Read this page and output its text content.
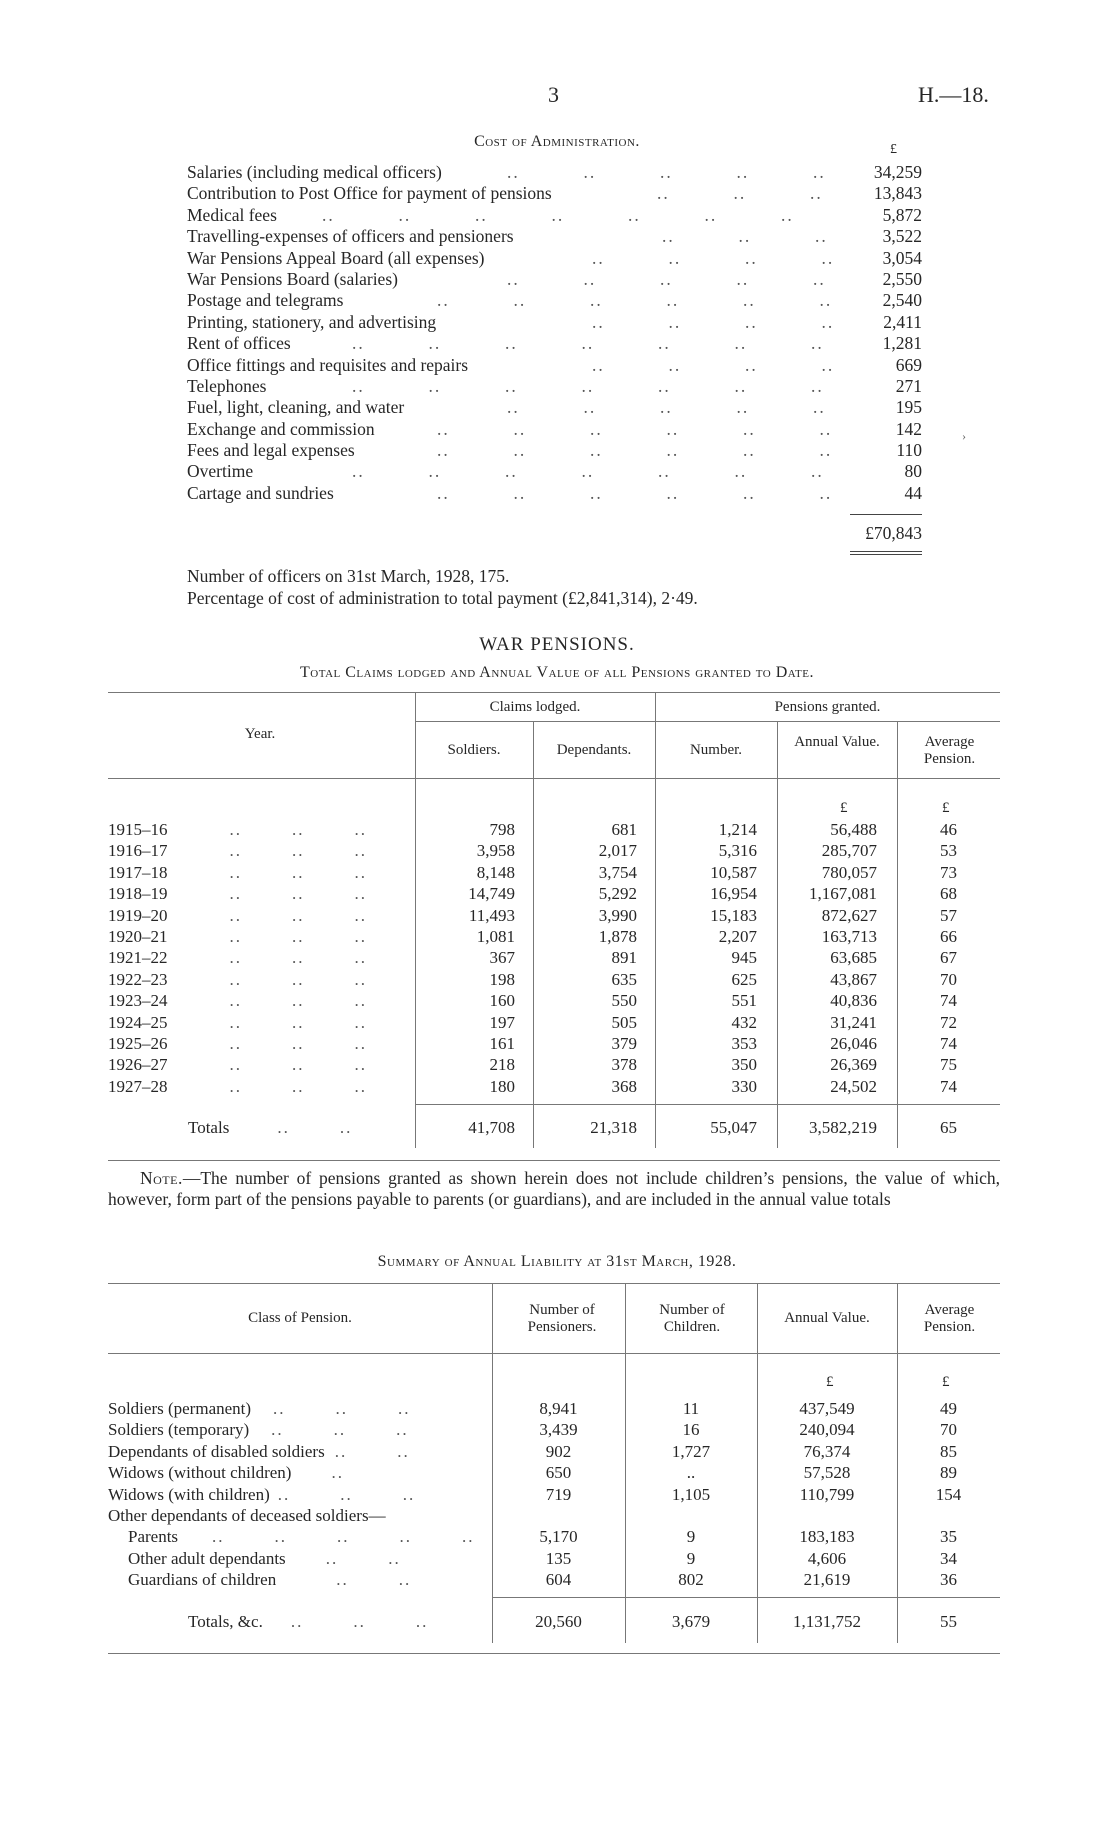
3	H.—18.
Cost of Administration.	£
Salaries (including medical officers)	..          ..          ..          ..          ..	34,259
Contribution to Post Office for payment of pensions	..          ..          ..	13,843
Medical fees	..          ..          ..          ..          ..          ..          ..	5,872
Travelling-expenses of officers and pensioners	..          ..          ..	3,522
War Pensions Appeal Board (all expenses)	..          ..          ..          ..	3,054
War Pensions Board (salaries)	..          ..          ..          ..          ..	2,550
Postage and telegrams	..          ..          ..          ..          ..          ..	2,540
Printing, stationery, and advertising	..          ..          ..          ..	2,411
Rent of offices	..          ..          ..          ..          ..          ..          ..	1,281
Office fittings and requisites and repairs	..          ..          ..          ..	669
Telephones	..          ..          ..          ..          ..          ..          ..	271
Fuel, light, cleaning, and water	..          ..          ..          ..          ..	195
Exchange and commission	..          ..          ..          ..          ..          ..	142
Fees and legal expenses	..          ..          ..          ..          ..          ..	110
Overtime	..          ..          ..          ..          ..          ..          ..	80
Cartage and sundries	..          ..          ..          ..          ..          ..	44
£70,843
›
Number of officers on 31st March, 1928, 175.
Percentage of cost of administration to total payment (£2,841,314), 2·49.
WAR PENSIONS.
Total Claims lodged and Annual Value of all Pensions granted to Date.
Year.
Claims lodged.	Pensions granted.
Soldiers.	Dependants.	Number.	Annual Value.	Average Pension.
£	£
1915–16 ..        ..        ..	798	681	1,214	56,488	46
1916–17 ..        ..        ..	3,958	2,017	5,316	285,707	53
1917–18 ..        ..        ..	8,148	3,754	10,587	780,057	73
1918–19 ..        ..        ..	14,749	5,292	16,954	1,167,081	68
1919–20 ..        ..        ..	11,493	3,990	15,183	872,627	57
1920–21 ..        ..        ..	1,081	1,878	2,207	163,713	66
1921–22 ..        ..        ..	367	891	945	63,685	67
1922–23 ..        ..        ..	198	635	625	43,867	70
1923–24 ..        ..        ..	160	550	551	40,836	74
1924–25 ..        ..        ..	197	505	432	31,241	72
1925–26 ..        ..        ..	161	379	353	26,046	74
1926–27 ..        ..        ..	218	378	350	26,369	75
1927–28 ..        ..        ..	180	368	330	24,502	74
Totals	..        ..	41,708	21,318	55,047	3,582,219	65
Note.—The number of pensions granted as shown herein does not include children’s pensions, the value of which, however, form part of the pensions payable to parents (or guardians), and are included in the annual value totals
Summary of Annual Liability at 31st March, 1928.
Class of Pension.	Number of Pensioners.
Number of Children.
Annual Value.	Average Pension.
£	£
Soldiers (permanent) ..        ..        ..	8,941	11	437,549	49
Soldiers (temporary) ..        ..        ..	3,439	16	240,094	70
Dependants of disabled soldiers ..        ..	902	1,727	76,374	85
Widows (without children) ..	650	..	57,528	89
Widows (with children) ..        ..        ..	719	1,105	110,799	154
Other dependants of deceased soldiers—				
Parents ..        ..        ..        ..        ..	5,170	9	183,183	35
Other adult dependants ..        ..	135	9	4,606	34
Guardians of children ..        ..	604	802	21,619	36
Totals, &c. ..        ..        ..	20,560	3,679	1,131,752	55
